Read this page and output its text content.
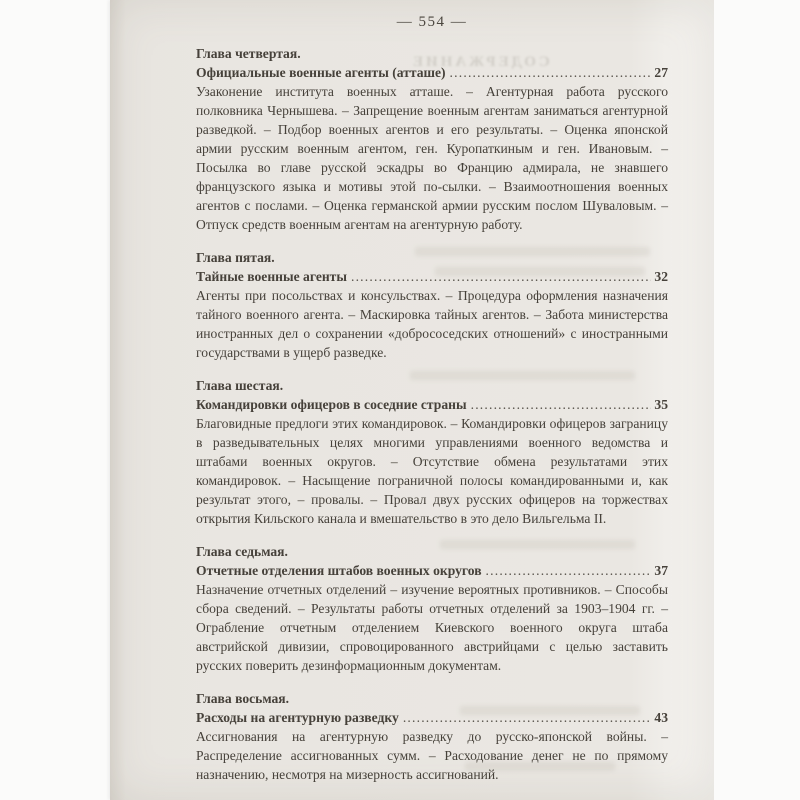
СОДЕРЖАНИЕ
— 554 —
Глава четвертая.
Официальные военные агенты (атташе) .....	27

Узаконение института военных атташе. – Агентурная работа русского полковника Чернышева. – Запрещение военным агентам заниматься агентурной разведкой. – Подбор военных агентов и его результаты. – Оценка японской армии русским военным агентом, ген. Куропаткиным и ген. Ивановым. – Посылка во главе русской эскадры во Францию адмирала, не знавшего французского языка и мотивы этой по-сылки. – Взаимоотношения военных агентов с послами. – Оценка германской армии русским послом Шуваловым. – Отпуск средств военным агентам на агентурную работу.

Глава пятая.
Тайные военные агенты .....	32

Агенты при посольствах и консульствах. – Процедура оформления назначения тайного военного агента. – Маскировка тайных агентов. – Забота министерства иностранных дел о сохранении «добрососедских отношений» с иностранными государствами в ущерб разведке.

Глава шестая.
Командировки офицеров в соседние страны .....	35

Благовидные предлоги этих командировок. – Командировки офицеров заграницу в разведывательных целях многими управлениями военного ведомства и штабами военных округов. – Отсутствие обмена результатами этих командировок. – Насыщение пограничной полосы командированными и, как результат этого, – провалы. – Провал двух русских офицеров на торжествах открытия Кильского канала и вмешательство в это дело Вильгельма II.

Глава седьмая.
Отчетные отделения штабов военных округов .....	37

Назначение отчетных отделений – изучение вероятных противников. – Способы сбора сведений. – Результаты работы отчетных отделений за 1903–1904 гг. – Ограбление отчетным отделением Киевского военного округа штаба австрийской дивизии, спровоцированного австрийцами с целью заставить русских поверить дезинформационным документам.

Глава восьмая.
Расходы на агентурную разведку .....	43

Ассигнования на агентурную разведку до русско-японской войны. – Распределение ассигнованных сумм. – Расходование денег не по прямому назначению, несмотря на мизерность ассигнований.
